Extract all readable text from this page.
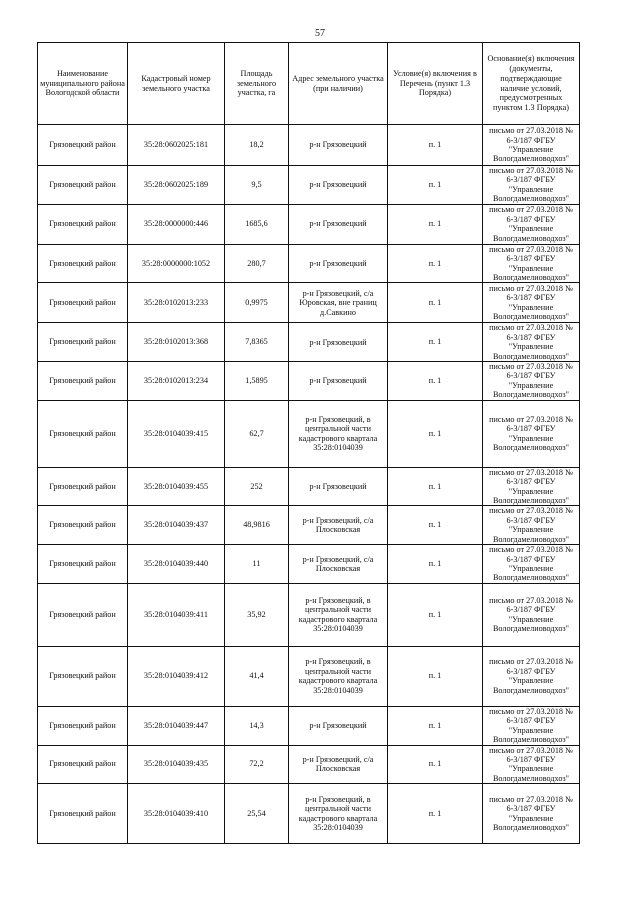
57
Наименование муниципального района Вологодской области	Кадастровый номер земельного участка	Площадь земельного участка, га	Адрес земельного участка (при наличии)	Условие(я) включения в Перечень (пункт 1.3 Порядка)	Основание(я) включения (документы, подтверждающие наличие условий, предусмотренных пунктом 1.3 Порядка)
Грязовецкий район	35:28:0602025:181	18,2	р-н Грязовецкий	п. 1	письмо от 27.03.2018 № 6-3/187 ФГБУ "Управление Вологдамелиоводхоз"
Грязовецкий район	35:28:0602025:189	9,5	р-н Грязовецкий	п. 1	письмо от 27.03.2018 № 6-3/187 ФГБУ "Управление Вологдамелиоводхоз"
Грязовецкий район	35:28:0000000:446	1685,6	р-н Грязовецкий	п. 1	письмо от 27.03.2018 № 6-3/187 ФГБУ "Управление Вологдамелиоводхоз"
Грязовецкий район	35:28:0000000:1052	280,7	р-н Грязовецкий	п. 1	письмо от 27.03.2018 № 6-3/187 ФГБУ "Управление Вологдамелиоводхоз"
Грязовецкий район	35:28:0102013:233	0,9975	р-н Грязовецкий, с/а Юровская, вне границ д.Савкино	п. 1	письмо от 27.03.2018 № 6-3/187 ФГБУ "Управление Вологдамелиоводхоз"
Грязовецкий район	35:28:0102013:368	7,8365	р-н Грязовецкий	п. 1	письмо от 27.03.2018 № 6-3/187 ФГБУ "Управление Вологдамелиоводхоз"
Грязовецкий район	35:28:0102013:234	1,5895	р-н Грязовецкий	п. 1	письмо от 27.03.2018 № 6-3/187 ФГБУ "Управление Вологдамелиоводхоз"
Грязовецкий район	35:28:0104039:415	62,7	р-н Грязовецкий, в центральной части кадастрового квартала 35:28:0104039	п. 1	письмо от 27.03.2018 № 6-3/187 ФГБУ "Управление Вологдамелиоводхоз"
Грязовецкий район	35:28:0104039:455	252	р-н Грязовецкий	п. 1	письмо от 27.03.2018 № 6-3/187 ФГБУ "Управление Вологдамелиоводхоз"
Грязовецкий район	35:28:0104039:437	48,9816	р-н Грязовецкий, с/а Плосковская	п. 1	письмо от 27.03.2018 № 6-3/187 ФГБУ "Управление Вологдамелиоводхоз"
Грязовецкий район	35:28:0104039:440	11	р-н Грязовецкий, с/а Плосковская	п. 1	письмо от 27.03.2018 № 6-3/187 ФГБУ "Управление Вологдамелиоводхоз"
Грязовецкий район	35:28:0104039:411	35,92	р-н Грязовецкий, в центральной части кадастрового квартала 35:28:0104039	п. 1	письмо от 27.03.2018 № 6-3/187 ФГБУ "Управление Вологдамелиоводхоз"
Грязовецкий район	35:28:0104039:412	41,4	р-н Грязовецкий, в центральной части кадастрового квартала 35:28:0104039	п. 1	письмо от 27.03.2018 № 6-3/187 ФГБУ "Управление Вологдамелиоводхоз"
Грязовецкий район	35:28:0104039:447	14,3	р-н Грязовецкий	п. 1	письмо от 27.03.2018 № 6-3/187 ФГБУ "Управление Вологдамелиоводхоз"
Грязовецкий район	35:28:0104039:435	72,2	р-н Грязовецкий, с/а Плосковская	п. 1	письмо от 27.03.2018 № 6-3/187 ФГБУ "Управление Вологдамелиоводхоз"
Грязовецкий район	35:28:0104039:410	25,54	р-н Грязовецкий, в центральной части кадастрового квартала 35:28:0104039	п. 1	письмо от 27.03.2018 № 6-3/187 ФГБУ "Управление Вологдамелиоводхоз"
